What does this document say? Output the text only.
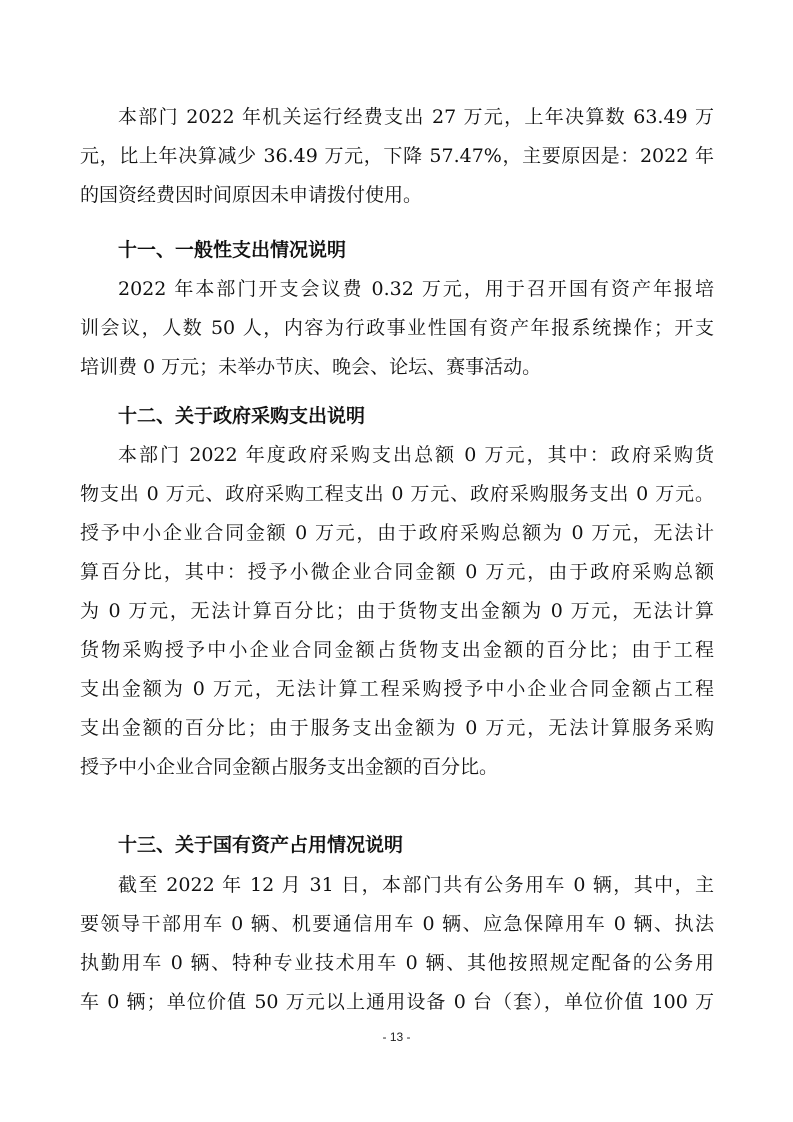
本部门 2022 年机关运行经费支出 27 万元，上年决算数 63.49 万
元，比上年决算减少 36.49 万元，下降 57.47%，主要原因是：2022 年
的国资经费因时间原因未申请拨付使用。
十一、一般性支出情况说明
2022 年本部门开支会议费 0.32 万元，用于召开国有资产年报培
训会议，人数 50 人，内容为行政事业性国有资产年报系统操作；开支
培训费 0 万元；未举办节庆、晚会、论坛、赛事活动。
十二、关于政府采购支出说明
本部门 2022 年度政府采购支出总额 0 万元，其中：政府采购货
物支出 0 万元、政府采购工程支出 0 万元、政府采购服务支出 0 万元。
授予中小企业合同金额 0 万元，由于政府采购总额为 0 万元，无法计
算百分比，其中：授予小微企业合同金额 0 万元，由于政府采购总额
为 0 万元，无法计算百分比；由于货物支出金额为 0 万元，无法计算
货物采购授予中小企业合同金额占货物支出金额的百分比；由于工程
支出金额为 0 万元，无法计算工程采购授予中小企业合同金额占工程
支出金额的百分比；由于服务支出金额为 0 万元，无法计算服务采购
授予中小企业合同金额占服务支出金额的百分比。
十三、关于国有资产占用情况说明
截至 2022 年 12 月 31 日，本部门共有公务用车 0 辆，其中，主
要领导干部用车 0 辆、机要通信用车 0 辆、应急保障用车 0 辆、执法
执勤用车 0 辆、特种专业技术用车 0 辆、其他按照规定配备的公务用
车 0 辆；单位价值 50 万元以上通用设备 0 台（套），单位价值 100 万
- 13 -
